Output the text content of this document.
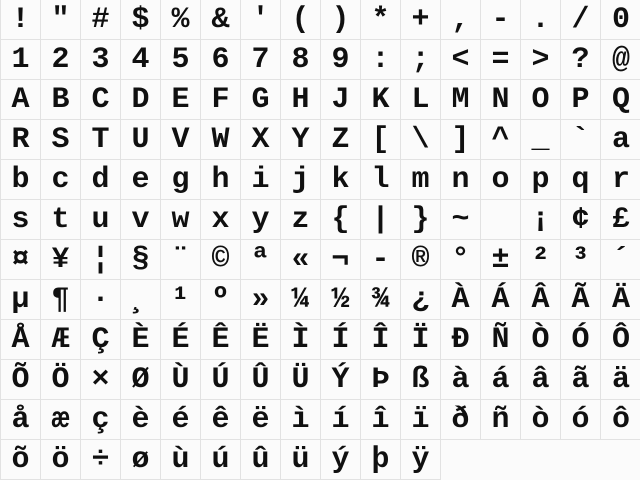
! " # $ % & ' ( ) * + , - . / 0
1 2 3 4 5 6 7 8 9 : ; < = > ? @
A B C D E F G H J K L M N O P Q
R S T U V W X Y Z [ \ ] ^ _ ` a
b c d e g h i j k l m n o p q r
s t u v w x y z { | } ~	¡ ¢ £
¤ ¥ ¦ § ¨ © ª « ¬ - ® ° ± ² ³ ´
µ ¶ · ¸ ¹ º » ¼ ½ ¾ ¿ À Á Â Ã Ä
Å Æ Ç È É Ê Ë Ì Í Î Ï Ð Ñ Ò Ó Ô
Õ Ö × Ø Ù Ú Û Ü Ý Þ ß à á â ã ä
å æ ç è é ê ë ì í î ï ð ñ ò ó ô
õ ö ÷ ø ù ú û ü ý þ ÿ
